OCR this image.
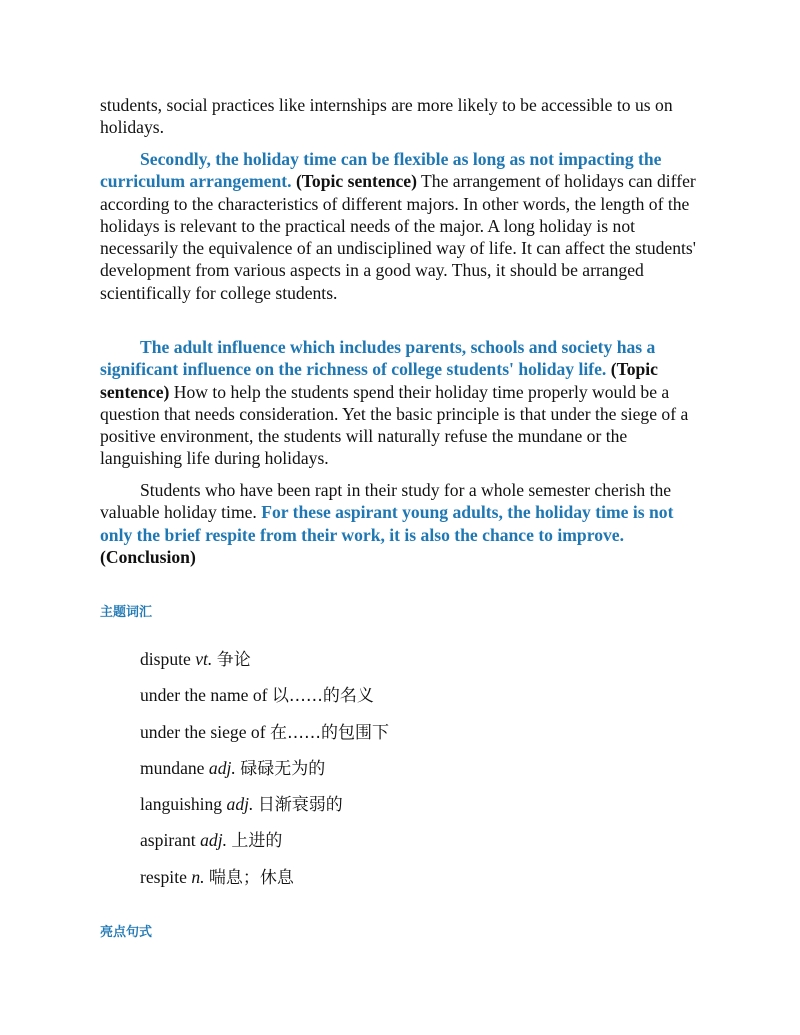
students, social practices like internships are more likely to be accessible to us on holidays.

Secondly, the holiday time can be flexible as long as not impacting the curriculum arrangement. (Topic sentence) The arrangement of holidays can differ according to the characteristics of different majors. In other words, the length of the holidays is relevant to the practical needs of the major. A long holiday is not necessarily the equivalence of an undisciplined way of life. It can affect the students' development from various aspects in a good way. Thus, it should be arranged scientifically for college students.

The adult influence which includes parents, schools and society has a significant influence on the richness of college students' holiday life. (Topic sentence) How to help the students spend their holiday time properly would be a question that needs consideration. Yet the basic principle is that under the siege of a positive environment, the students will naturally refuse the mundane or the languishing life during holidays.

Students who have been rapt in their study for a whole semester cherish the valuable holiday time. For these aspirant young adults, the holiday time is not only the brief respite from their work, it is also the chance to improve. (Conclusion)

主题词汇
dispute vt. 争论
under the name of 以……的名义
under the siege of 在……的包围下
mundane adj. 碌碌无为的
languishing adj. 日渐衰弱的
aspirant adj. 上进的
respite n. 喘息；休息
亮点句式
